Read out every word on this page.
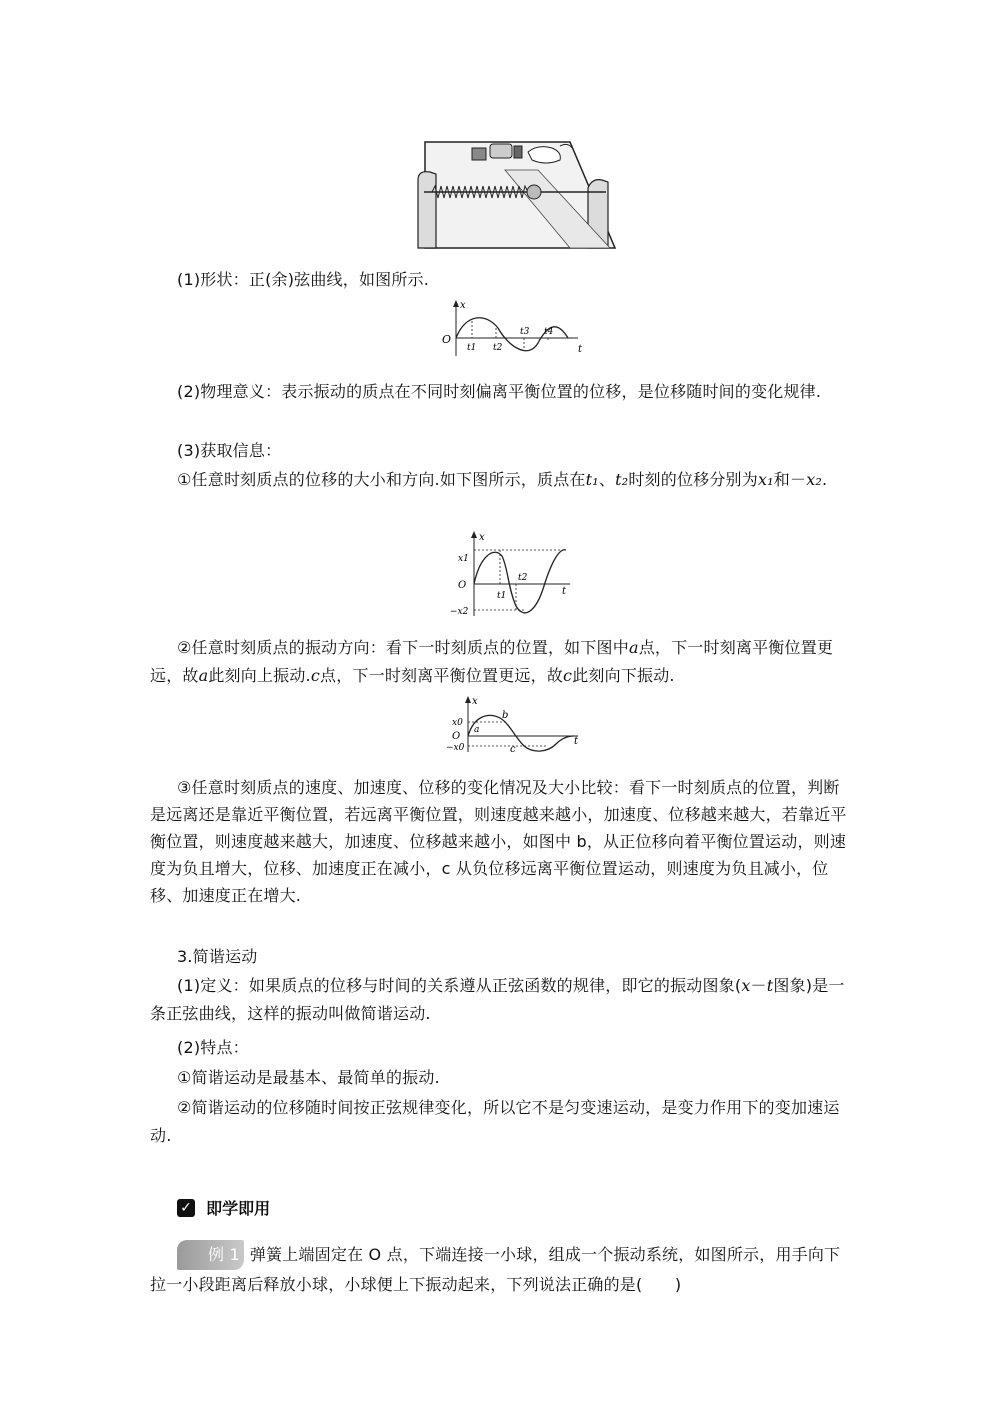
(1)形状：正(余)弦曲线，如图所示.
x
O
t
t1 t2
t3 t4
(2)物理意义：表示振动的质点在不同时刻偏离平衡位置的位移，是位移随时间的变化规律.
(3)获取信息：
①任意时刻质点的位移的大小和方向.如下图所示，质点在t₁、t₂时刻的位移分别为x₁和－x₂.
x
x1
O
−x2
t1
t2
t
②任意时刻质点的振动方向：看下一时刻质点的位置，如下图中a点，下一时刻离平衡位置更远，故a此刻向上振动.c点，下一时刻离平衡位置更远，故c此刻向下振动.
x
x0
O
−x0
a
b
c
t
③任意时刻质点的速度、加速度、位移的变化情况及大小比较：看下一时刻质点的位置，判断是远离还是靠近平衡位置，若远离平衡位置，则速度越来越小，加速度、位移越来越大，若靠近平衡位置，则速度越来越大，加速度、位移越来越小，如图中 b，从正位移向着平衡位置运动，则速度为负且增大，位移、加速度正在减小，c 从负位移远离平衡位置运动，则速度为负且减小，位移、加速度正在增大.
3.简谐运动
(1)定义：如果质点的位移与时间的关系遵从正弦函数的规律，即它的振动图象(x－t图象)是一条正弦曲线，这样的振动叫做简谐运动.
(2)特点：
①简谐运动是最基本、最简单的振动.
②简谐运动的位移随时间按正弦规律变化，所以它不是匀变速运动，是变力作用下的变加速运动.
✓ 即学即用
例 1 弹簧上端固定在 O 点，下端连接一小球，组成一个振动系统，如图所示，用手向下拉一小段距离后释放小球，小球便上下振动起来，下列说法正确的是(　　)
